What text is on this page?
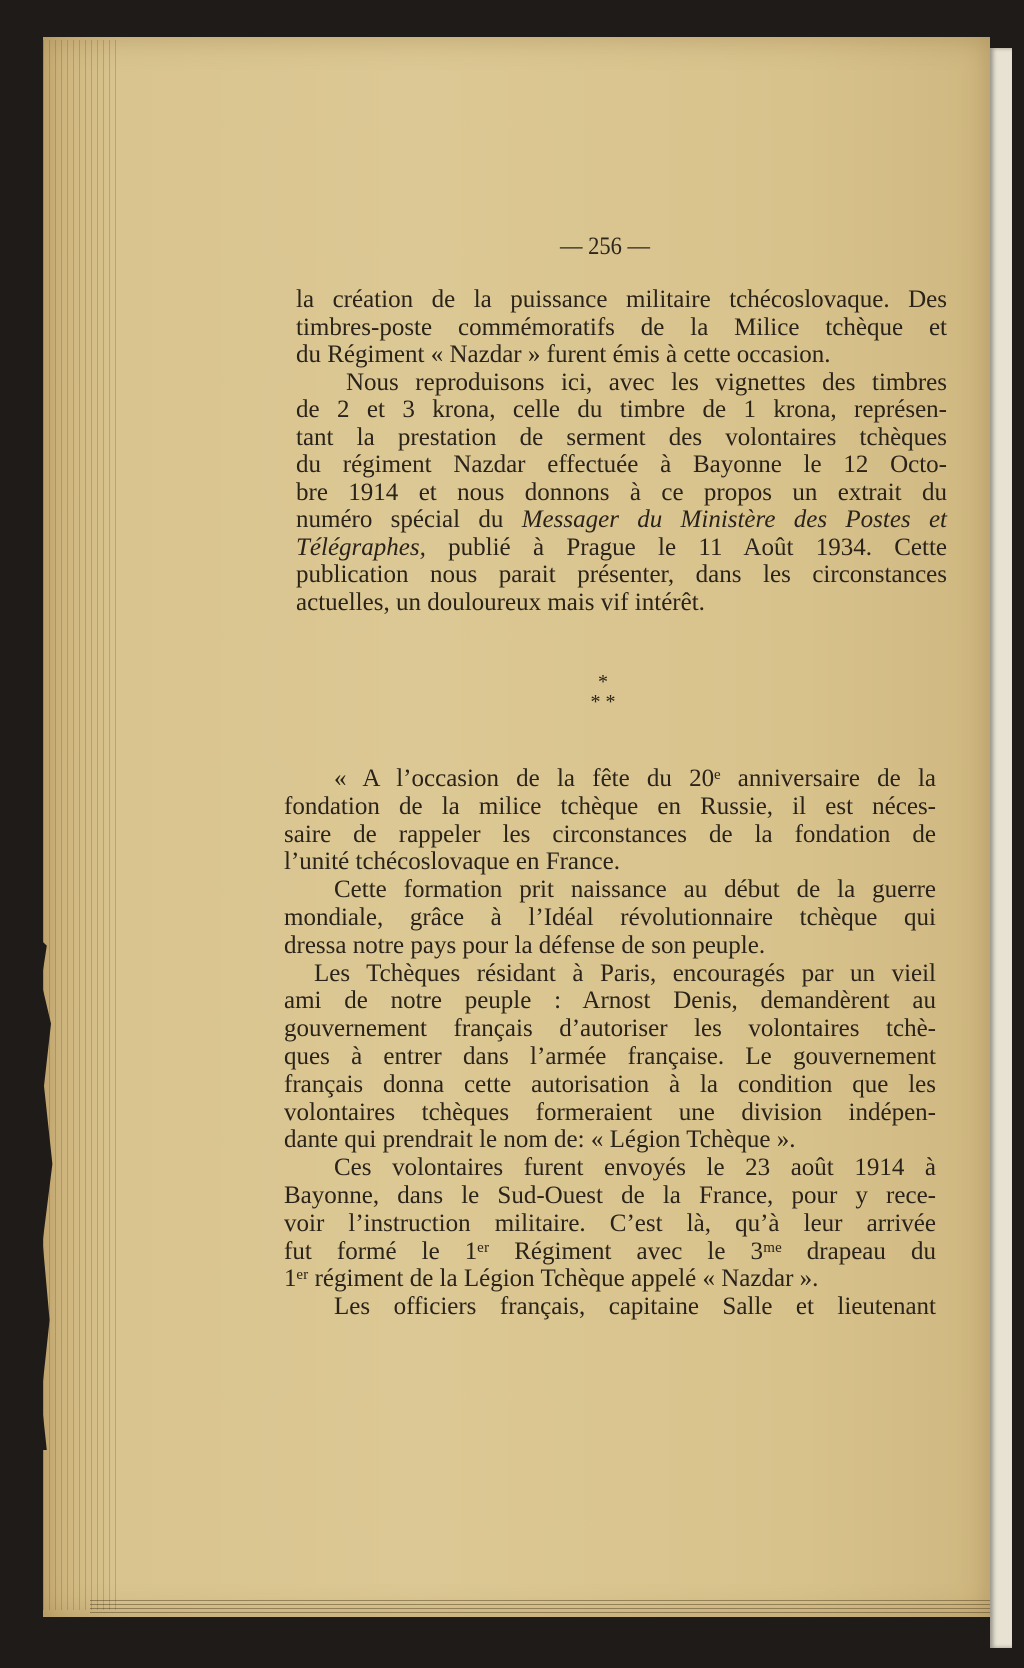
— 256 —
la création de la puissance militaire tchécoslovaque. Des
timbres-poste commémoratifs de la Milice tchèque et
du Régiment « Nazdar » furent émis à cette occasion.
Nous reproduisons ici, avec les vignettes des timbres
de 2 et 3 krona, celle du timbre de 1 krona, représen-
tant la prestation de serment des volontaires tchèques
du régiment Nazdar effectuée à Bayonne le 12 Octo-
bre 1914 et nous donnons à ce propos un extrait du
numéro spécial du Messager du Ministère des Postes et
Télégraphes, publié à Prague le 11 Août 1934. Cette
publication nous parait présenter, dans les circonstances
actuelles, un douloureux mais vif intérêt.
*
* *
« A l’occasion de la fête du 20ᵉ anniversaire de la
fondation de la milice tchèque en Russie, il est néces-
saire de rappeler les circonstances de la fondation de
l’unité tchécoslovaque en France.
Cette formation prit naissance au début de la guerre
mondiale, grâce à l’Idéal révolutionnaire tchèque qui
dressa notre pays pour la défense de son peuple.
Les Tchèques résidant à Paris, encouragés par un vieil
ami de notre peuple : Arnost Denis, demandèrent au
gouvernement français d’autoriser les volontaires tchè-
ques à entrer dans l’armée française. Le gouvernement
français donna cette autorisation à la condition que les
volontaires tchèques formeraient une division indépen-
dante qui prendrait le nom de: « Légion Tchèque ».
Ces volontaires furent envoyés le 23 août 1914 à
Bayonne, dans le Sud-Ouest de la France, pour y rece-
voir l’instruction militaire. C’est là, qu’à leur arrivée
fut formé le 1ᵉʳ Régiment avec le 3ᵐᵉ drapeau du
1ᵉʳ régiment de la Légion Tchèque appelé « Nazdar ».
Les officiers français, capitaine Salle et lieutenant
